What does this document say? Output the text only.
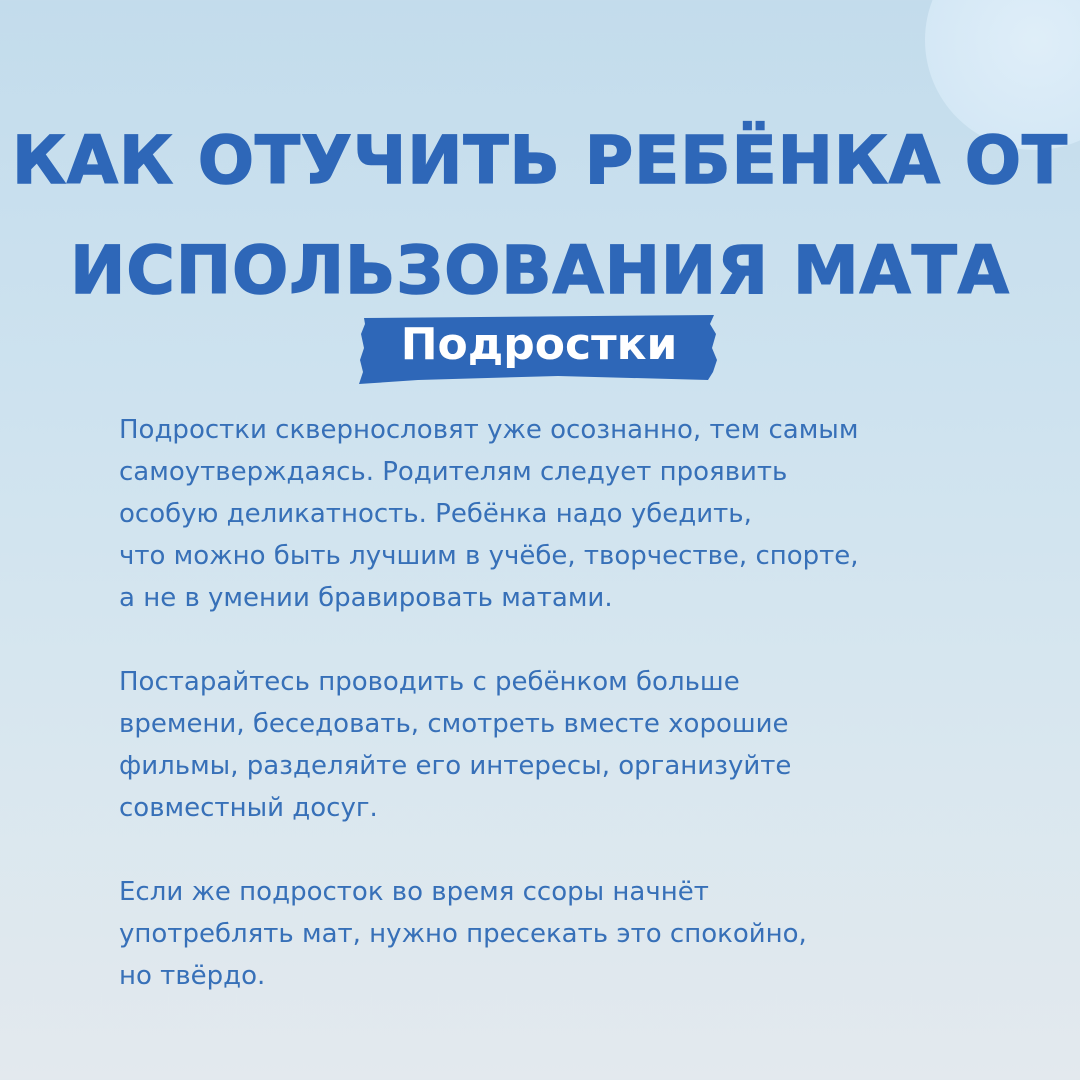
КАК ОТУЧИТЬ РЕБЁНКА ОТ
ИСПОЛЬЗОВАНИЯ МАТА
Подростки

Подростки сквернословят уже осознанно, тем самым
самоутверждаясь. Родителям следует проявить
особую деликатность. Ребёнка надо убедить,
что можно быть лучшим в учёбе, творчестве, спорте,
а не в умении бравировать матами.

Постарайтесь проводить с ребёнком больше
времени, беседовать, смотреть вместе хорошие
фильмы, разделяйте его интересы, организуйте
совместный досуг.

Если же подросток во время ссоры начнёт
употреблять мат, нужно пресекать это спокойно,
но твёрдо.
